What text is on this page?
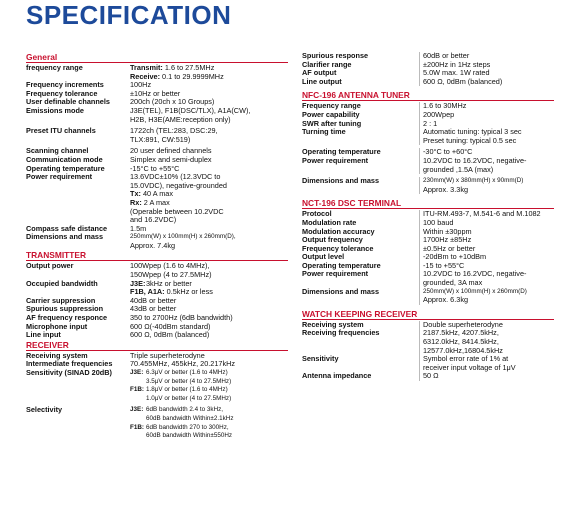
SPECIFICATION
General
frequency range	Transmit: 1.6 to 27.5MHz
Receive: 0.1 to 29.9999MHz
Frequency increments	100Hz
Frequency tolerance	±10Hz or better
User definable channels	200ch (20ch x 10 Groups)
Emissions mode	J3E(TEL), F1B(DSC/TLX), A1A(CW),
H2B, H3E(AME:reception only)
Preset ITU channels	1722ch (TEL:283, DSC:29,
TLX:891, CW:519)
Scanning channel	20 user defined channels
Communication mode	Simplex and semi-duplex
Operating temperature	-15°C to +55°C
Power requirement	13.6VDC±10% (12.3VDC to
15.0VDC), negative-grounded
Tx: 40 A max
Rx: 2 A max
(Operable between 10.2VDC
and 16.2VDC)
Compass safe distance	1.5m
Dimensions and mass	250mm(W) x 100mm(H) x 260mm(D),
Approx. 7.4kg
TRANSMITTER
Output power	100Wpep (1.6 to 4MHz),
150Wpep (4 to 27.5MHz)
Occupied bandwidth	J3E:3kHz or better
F1B, A1A: 0.5kHz or less
Carrier suppression	40dB or better
Spurious suppression	43dB or better
AF frequency responce	350 to 2700Hz (6dB bandwidth)
Microphone input	600 Ω(-40dBm standard)
Line input	600 Ω, 0dBm (balanced)
RECEIVER
Receiving system	Triple superheterodyne
Intermediate frequencies	70.455MHz, 455kHz, 20.217kHz
Sensitivity (SINAD 20dB)	J3E: 6.3μV or better (1.6 to 4MHz)
3.5μV or better (4 to 27.5MHz)
F1B: 1.8μV or better (1.6 to 4MHz)
1.0μV or better (4 to 27.5MHz)
Selectivity	J3E: 6dB bandwidth 2.4 to 3kHz,
60dB bandwidth Within±2.1kHz
F1B: 6dB bandwidth 270 to 300Hz,
60dB bandwidth Within±550Hz
Spurious response	60dB or better
Clarifier range	±200Hz in 1Hz steps
AF output	5.0W max. 1W rated
Line output	600 Ω, 0dBm (balanced)
NFC-196 ANTENNA TUNER
Frequency range	1.6 to 30MHz
Power capability	200Wpep
SWR after tuning	2 : 1
Turning time	Automatic tuning: typical 3 sec
Preset tuning: typical 0.5 sec
Operating temperature	-30°C to +60°C
Power requirement	10.2VDC to 16.2VDC, negative-
grounded ,1.5A (max)
Dimensions and mass	230mm(W) x 380mm(H) x 90mm(D)
Approx. 3.3kg
NCT-196 DSC TERMINAL
Protocol	ITU-RM.493-7, M.541-6 and M.1082
Modulation rate	100 baud
Modulation accuracy	Within ±30ppm
Output frequency	1700Hz ±85Hz
Frequency tolerance	±0.5Hz or better
Output level	-20dBm to +10dBm
Operating temperature	-15 to +55°C
Power requirement	10.2VDC to 16.2VDC, negative-
grounded, 3A max
Dimensions and mass	250mm(W) x 100mm(H) x 260mm(D)
Approx. 6.3kg
WATCH KEEPING RECEIVER
Receiving system	Double superheterodyne
Receiving frequencies	2187.5kHz, 4207.5kHz,
6312.0kHz, 8414.5kHz,
12577.0kHz,16804.5kHz
Sensitivity	Symbol error rate of 1% at
receiver input voltage of 1μV
Antenna impedance	50 Ω
